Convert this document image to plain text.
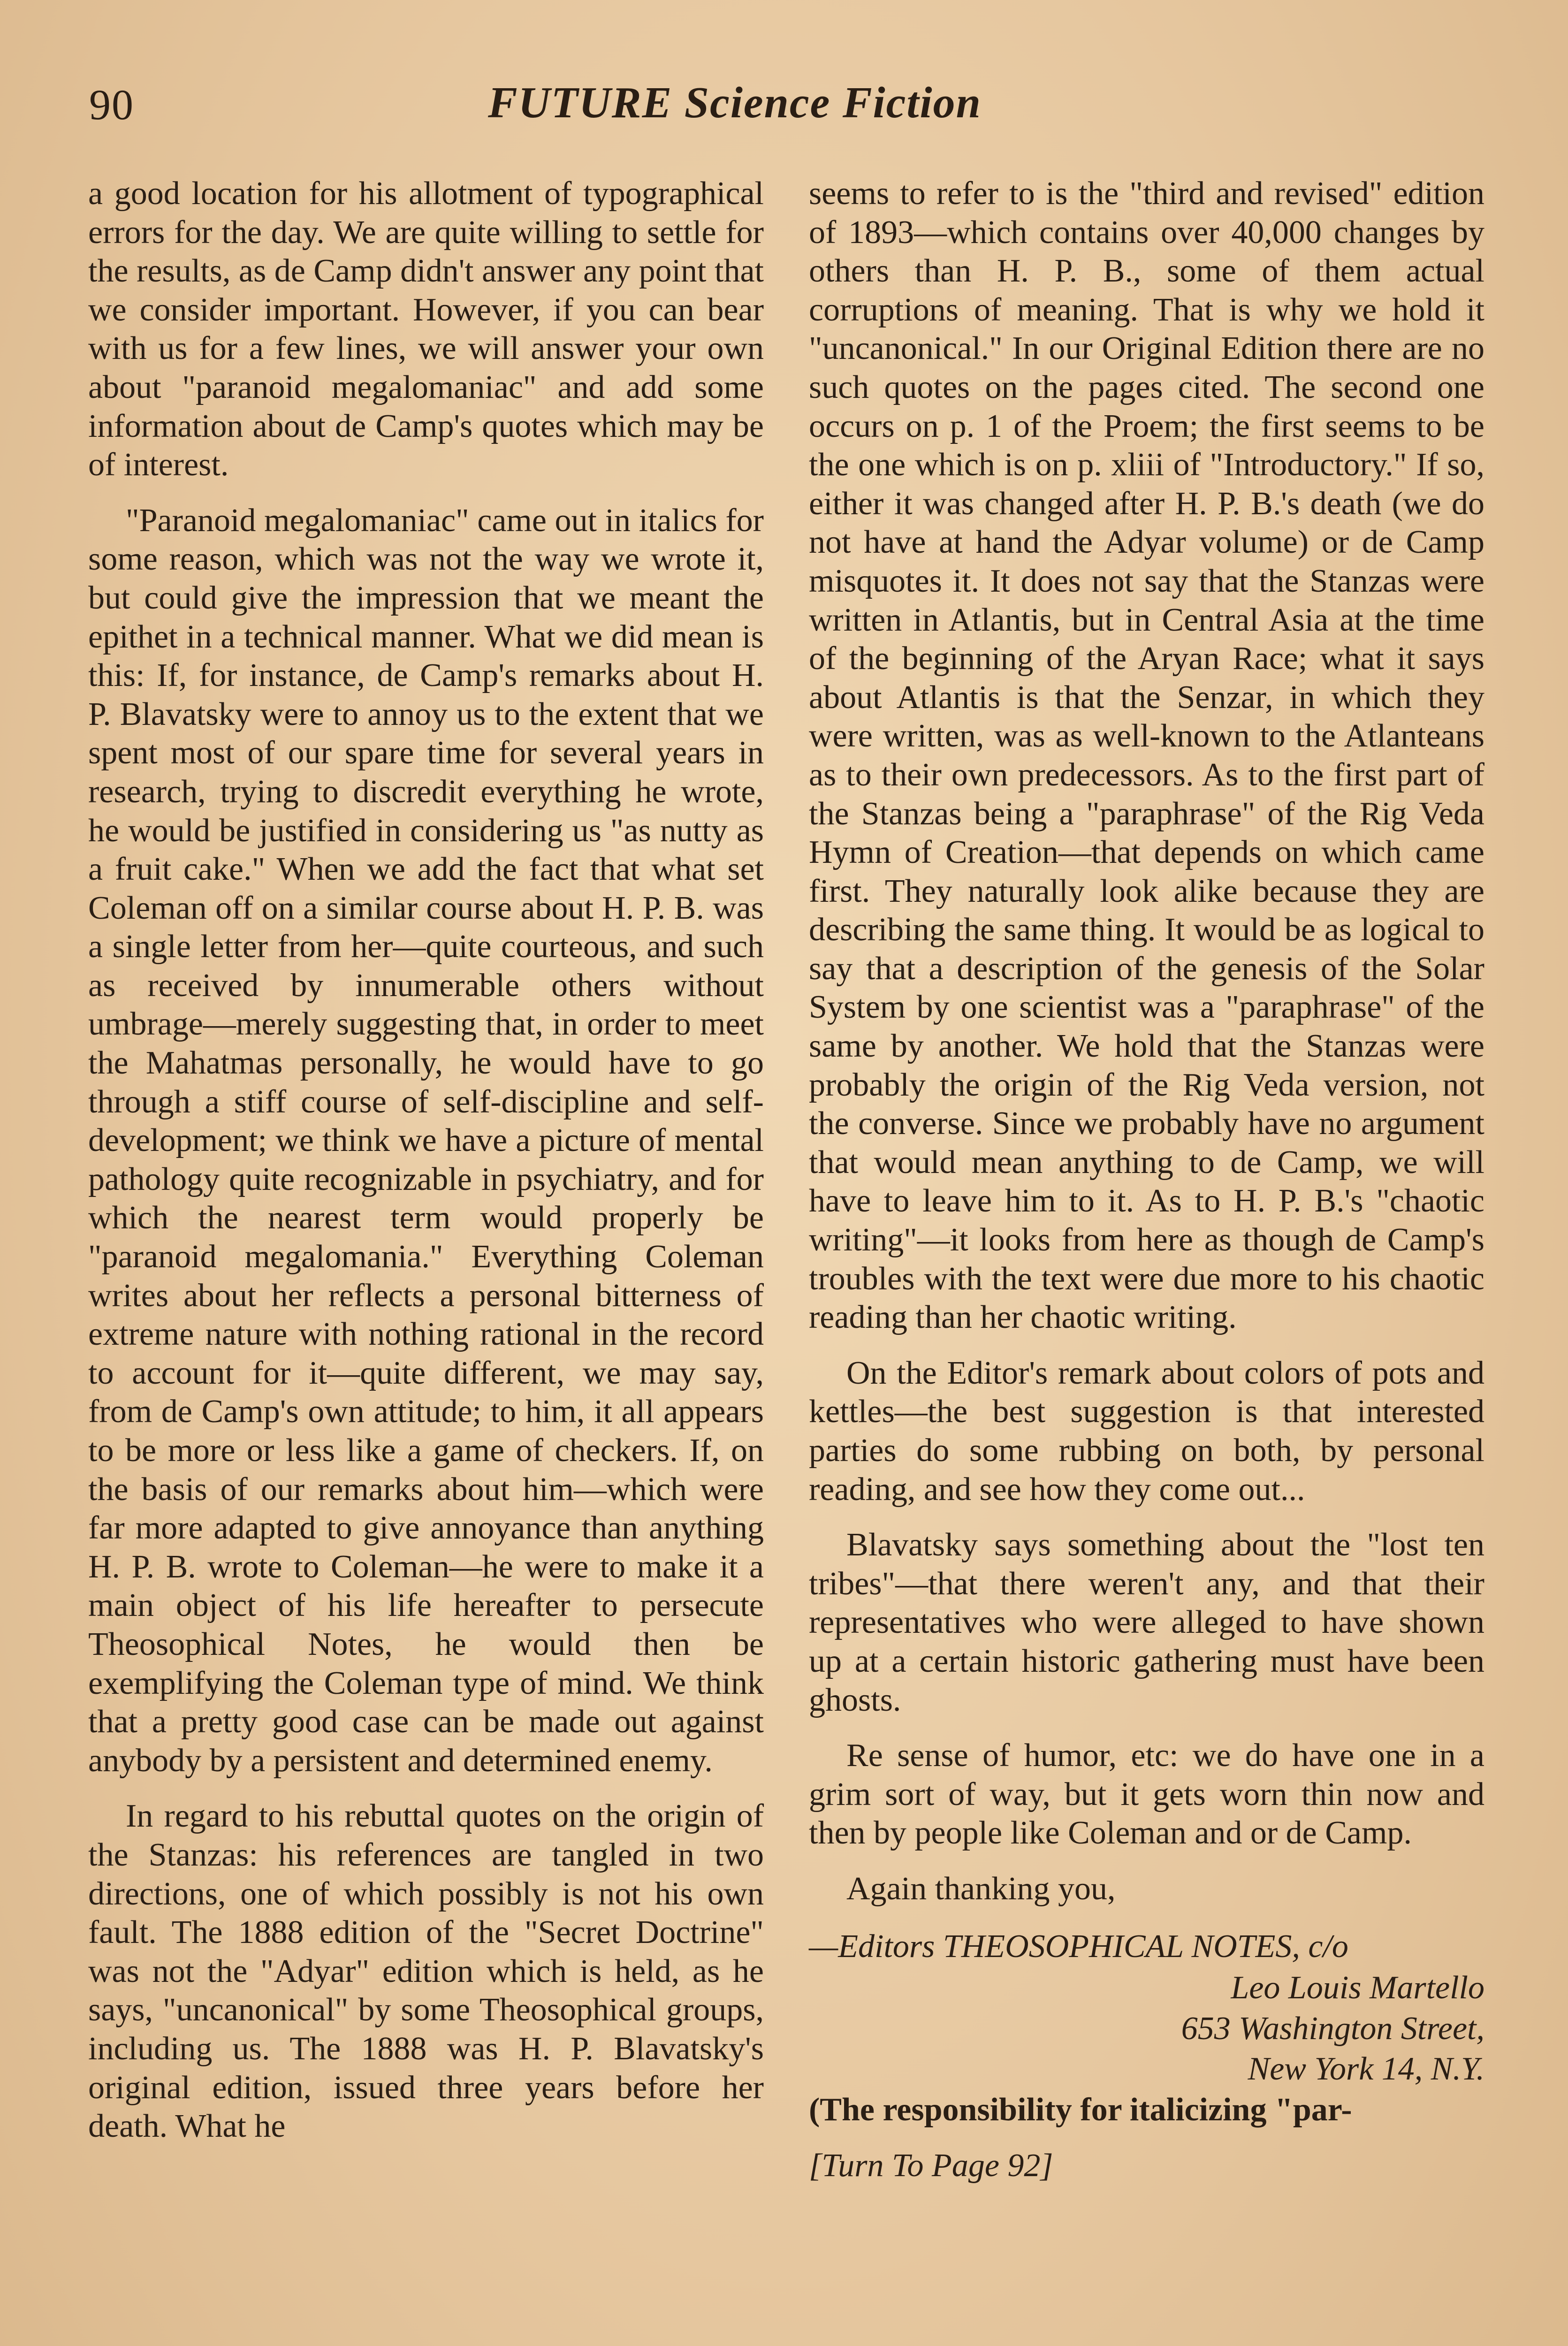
90	FUTURE Science Fiction

a good location for his allotment of typographical errors for the day. We are quite willing to settle for the results, as de Camp didn't answer any point that we consider important. However, if you can bear with us for a few lines, we will answer your own about "paranoid megalomaniac" and add some information about de Camp's quotes which may be of interest.

"Paranoid megalomaniac" came out in italics for some reason, which was not the way we wrote it, but could give the impression that we meant the epithet in a technical manner. What we did mean is this: If, for instance, de Camp's remarks about H. P. Blavatsky were to annoy us to the extent that we spent most of our spare time for several years in research, trying to discredit everything he wrote, he would be justified in considering us "as nutty as a fruit cake." When we add the fact that what set Coleman off on a similar course about H. P. B. was a single letter from her—quite courteous, and such as received by innumerable others without umbrage—merely suggesting that, in order to meet the Mahatmas personally, he would have to go through a stiff course of self-discipline and self-development; we think we have a picture of mental pathology quite recognizable in psychiatry, and for which the nearest term would properly be "paranoid megalomania." Everything Coleman writes about her reflects a personal bitterness of extreme nature with nothing rational in the record to account for it—quite different, we may say, from de Camp's own attitude; to him, it all appears to be more or less like a game of checkers. If, on the basis of our remarks about him—which were far more adapted to give annoyance than anything H. P. B. wrote to Coleman—he were to make it a main object of his life hereafter to persecute Theosophical Notes, he would then be exemplifying the Coleman type of mind. We think that a pretty good case can be made out against anybody by a persistent and determined enemy.

In regard to his rebuttal quotes on the origin of the Stanzas: his references are tangled in two directions, one of which possibly is not his own fault. The 1888 edition of the "Secret Doctrine" was not the "Adyar" edition which is held, as he says, "uncanonical" by some Theosophical groups, including us. The 1888 was H. P. Blavatsky's original edition, issued three years before her death. What he

seems to refer to is the "third and revised" edition of 1893—which contains over 40,000 changes by others than H. P. B., some of them actual corruptions of meaning. That is why we hold it "uncanonical." In our Original Edition there are no such quotes on the pages cited. The second one occurs on p. 1 of the Proem; the first seems to be the one which is on p. xliii of "Introductory." If so, either it was changed after H. P. B.'s death (we do not have at hand the Adyar volume) or de Camp misquotes it. It does not say that the Stanzas were written in Atlantis, but in Central Asia at the time of the beginning of the Aryan Race; what it says about Atlantis is that the Senzar, in which they were written, was as well-known to the Atlanteans as to their own predecessors. As to the first part of the Stanzas being a "paraphrase" of the Rig Veda Hymn of Creation—that depends on which came first. They naturally look alike because they are describing the same thing. It would be as logical to say that a description of the genesis of the Solar System by one scientist was a "paraphrase" of the same by another. We hold that the Stanzas were probably the origin of the Rig Veda version, not the converse. Since we probably have no argument that would mean anything to de Camp, we will have to leave him to it. As to H. P. B.'s "chaotic writing"—it looks from here as though de Camp's troubles with the text were due more to his chaotic reading than her chaotic writing.

On the Editor's remark about colors of pots and kettles—the best suggestion is that interested parties do some rubbing on both, by personal reading, and see how they come out...

Blavatsky says something about the "lost ten tribes"—that there weren't any, and that their representatives who were alleged to have shown up at a certain historic gathering must have been ghosts.

Re sense of humor, etc: we do have one in a grim sort of way, but it gets worn thin now and then by people like Coleman and or de Camp.

Again thanking you,

—Editors THEOSOPHICAL NOTES, c/o

Leo Louis Martello

653 Washington Street,

New York 14, N.Y.

(The responsibility for italicizing "par-

[Turn To Page 92]
